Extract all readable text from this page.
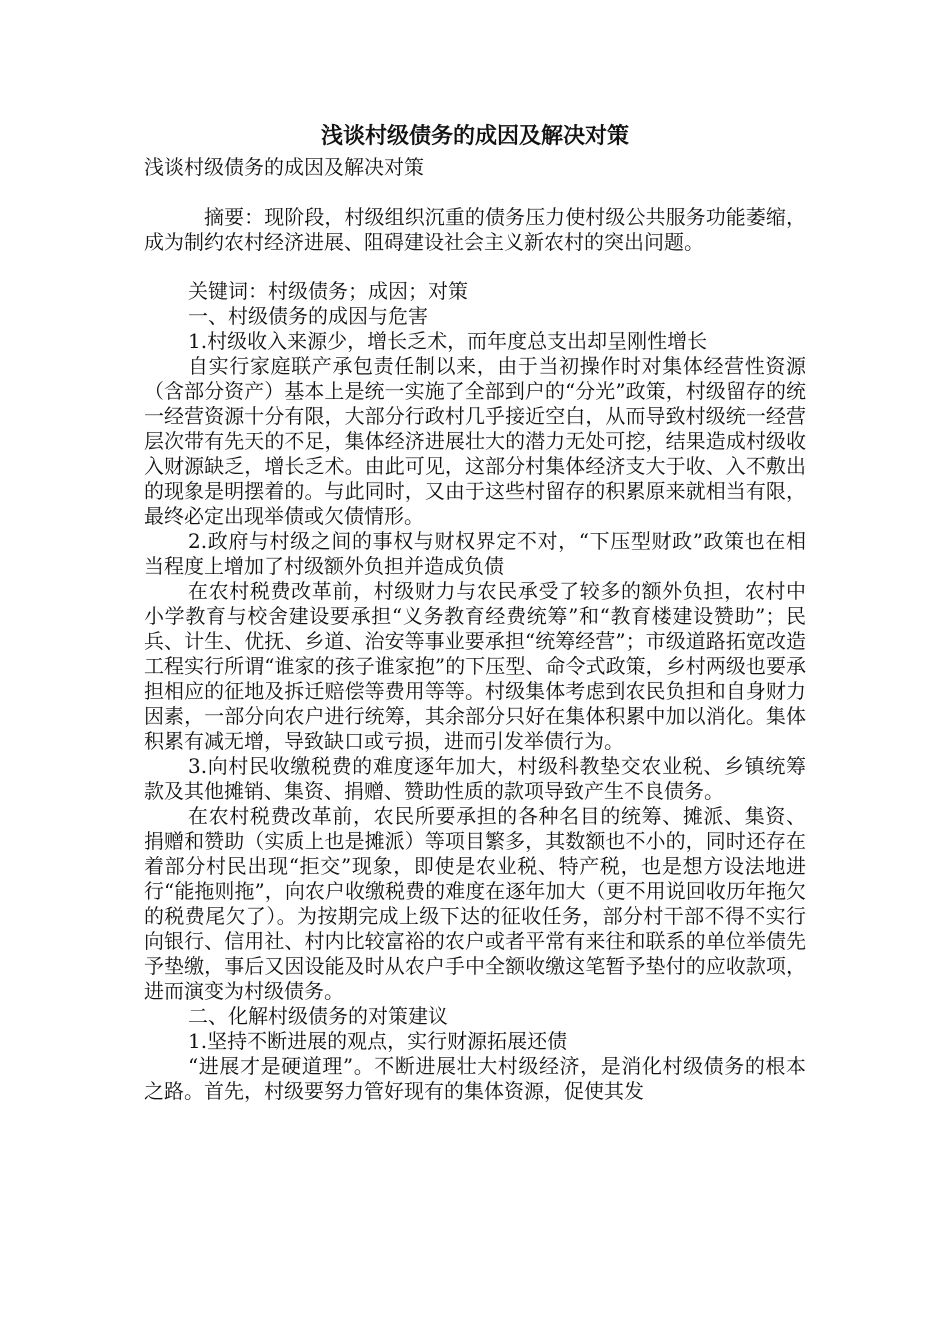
浅谈村级债务的成因及解决对策

浅谈村级债务的成因及解决对策

摘要：现阶段，村级组织沉重的债务压力使村级公共服务功能萎缩，成为制约农村经济进展、阻碍建设社会主义新农村的突出问题。

关键词：村级债务；成因；对策

一、村级债务的成因与危害

1.村级收入来源少，增长乏术，而年度总支出却呈刚性增长

自实行家庭联产承包责任制以来，由于当初操作时对集体经营性资源（含部分资产）基本上是统一实施了全部到户的“分光”政策，村级留存的统一经营资源十分有限，大部分行政村几乎接近空白，从而导致村级统一经营层次带有先天的不足，集体经济进展壮大的潜力无处可挖，结果造成村级收入财源缺乏，增长乏术。由此可见，这部分村集体经济支大于收、入不敷出的现象是明摆着的。与此同时，又由于这些村留存的积累原来就相当有限，最终必定出现举债或欠债情形。

2.政府与村级之间的事权与财权界定不对，“下压型财政”政策也在相当程度上增加了村级额外负担并造成负债

在农村税费改革前，村级财力与农民承受了较多的额外负担，农村中小学教育与校舍建设要承担“义务教育经费统筹”和“教育楼建设赞助”；民兵、计生、优抚、乡道、治安等事业要承担“统筹经营”；市级道路拓宽改造工程实行所谓“谁家的孩子谁家抱”的下压型、命令式政策，乡村两级也要承担相应的征地及拆迁赔偿等费用等等。村级集体考虑到农民负担和自身财力因素，一部分向农户进行统筹，其余部分只好在集体积累中加以消化。集体积累有减无增，导致缺口或亏损，进而引发举债行为。

3.向村民收缴税费的难度逐年加大，村级科教垫交农业税、乡镇统筹款及其他摊销、集资、捐赠、赞助性质的款项导致产生不良债务。

在农村税费改革前，农民所要承担的各种名目的统筹、摊派、集资、捐赠和赞助（实质上也是摊派）等项目繁多，其数额也不小的，同时还存在着部分村民出现“拒交”现象，即使是农业税、特产税，也是想方设法地进行“能拖则拖”，向农户收缴税费的难度在逐年加大（更不用说回收历年拖欠的税费尾欠了）。为按期完成上级下达的征收任务，部分村干部不得不实行向银行、信用社、村内比较富裕的农户或者平常有来往和联系的单位举债先予垫缴，事后又因设能及时从农户手中全额收缴这笔暂予垫付的应收款项，进而演变为村级债务。

二、化解村级债务的对策建议

1.坚持不断进展的观点，实行财源拓展还债

“进展才是硬道理”。不断进展壮大村级经济，是消化村级债务的根本之路。首先，村级要努力管好现有的集体资源，促使其发
